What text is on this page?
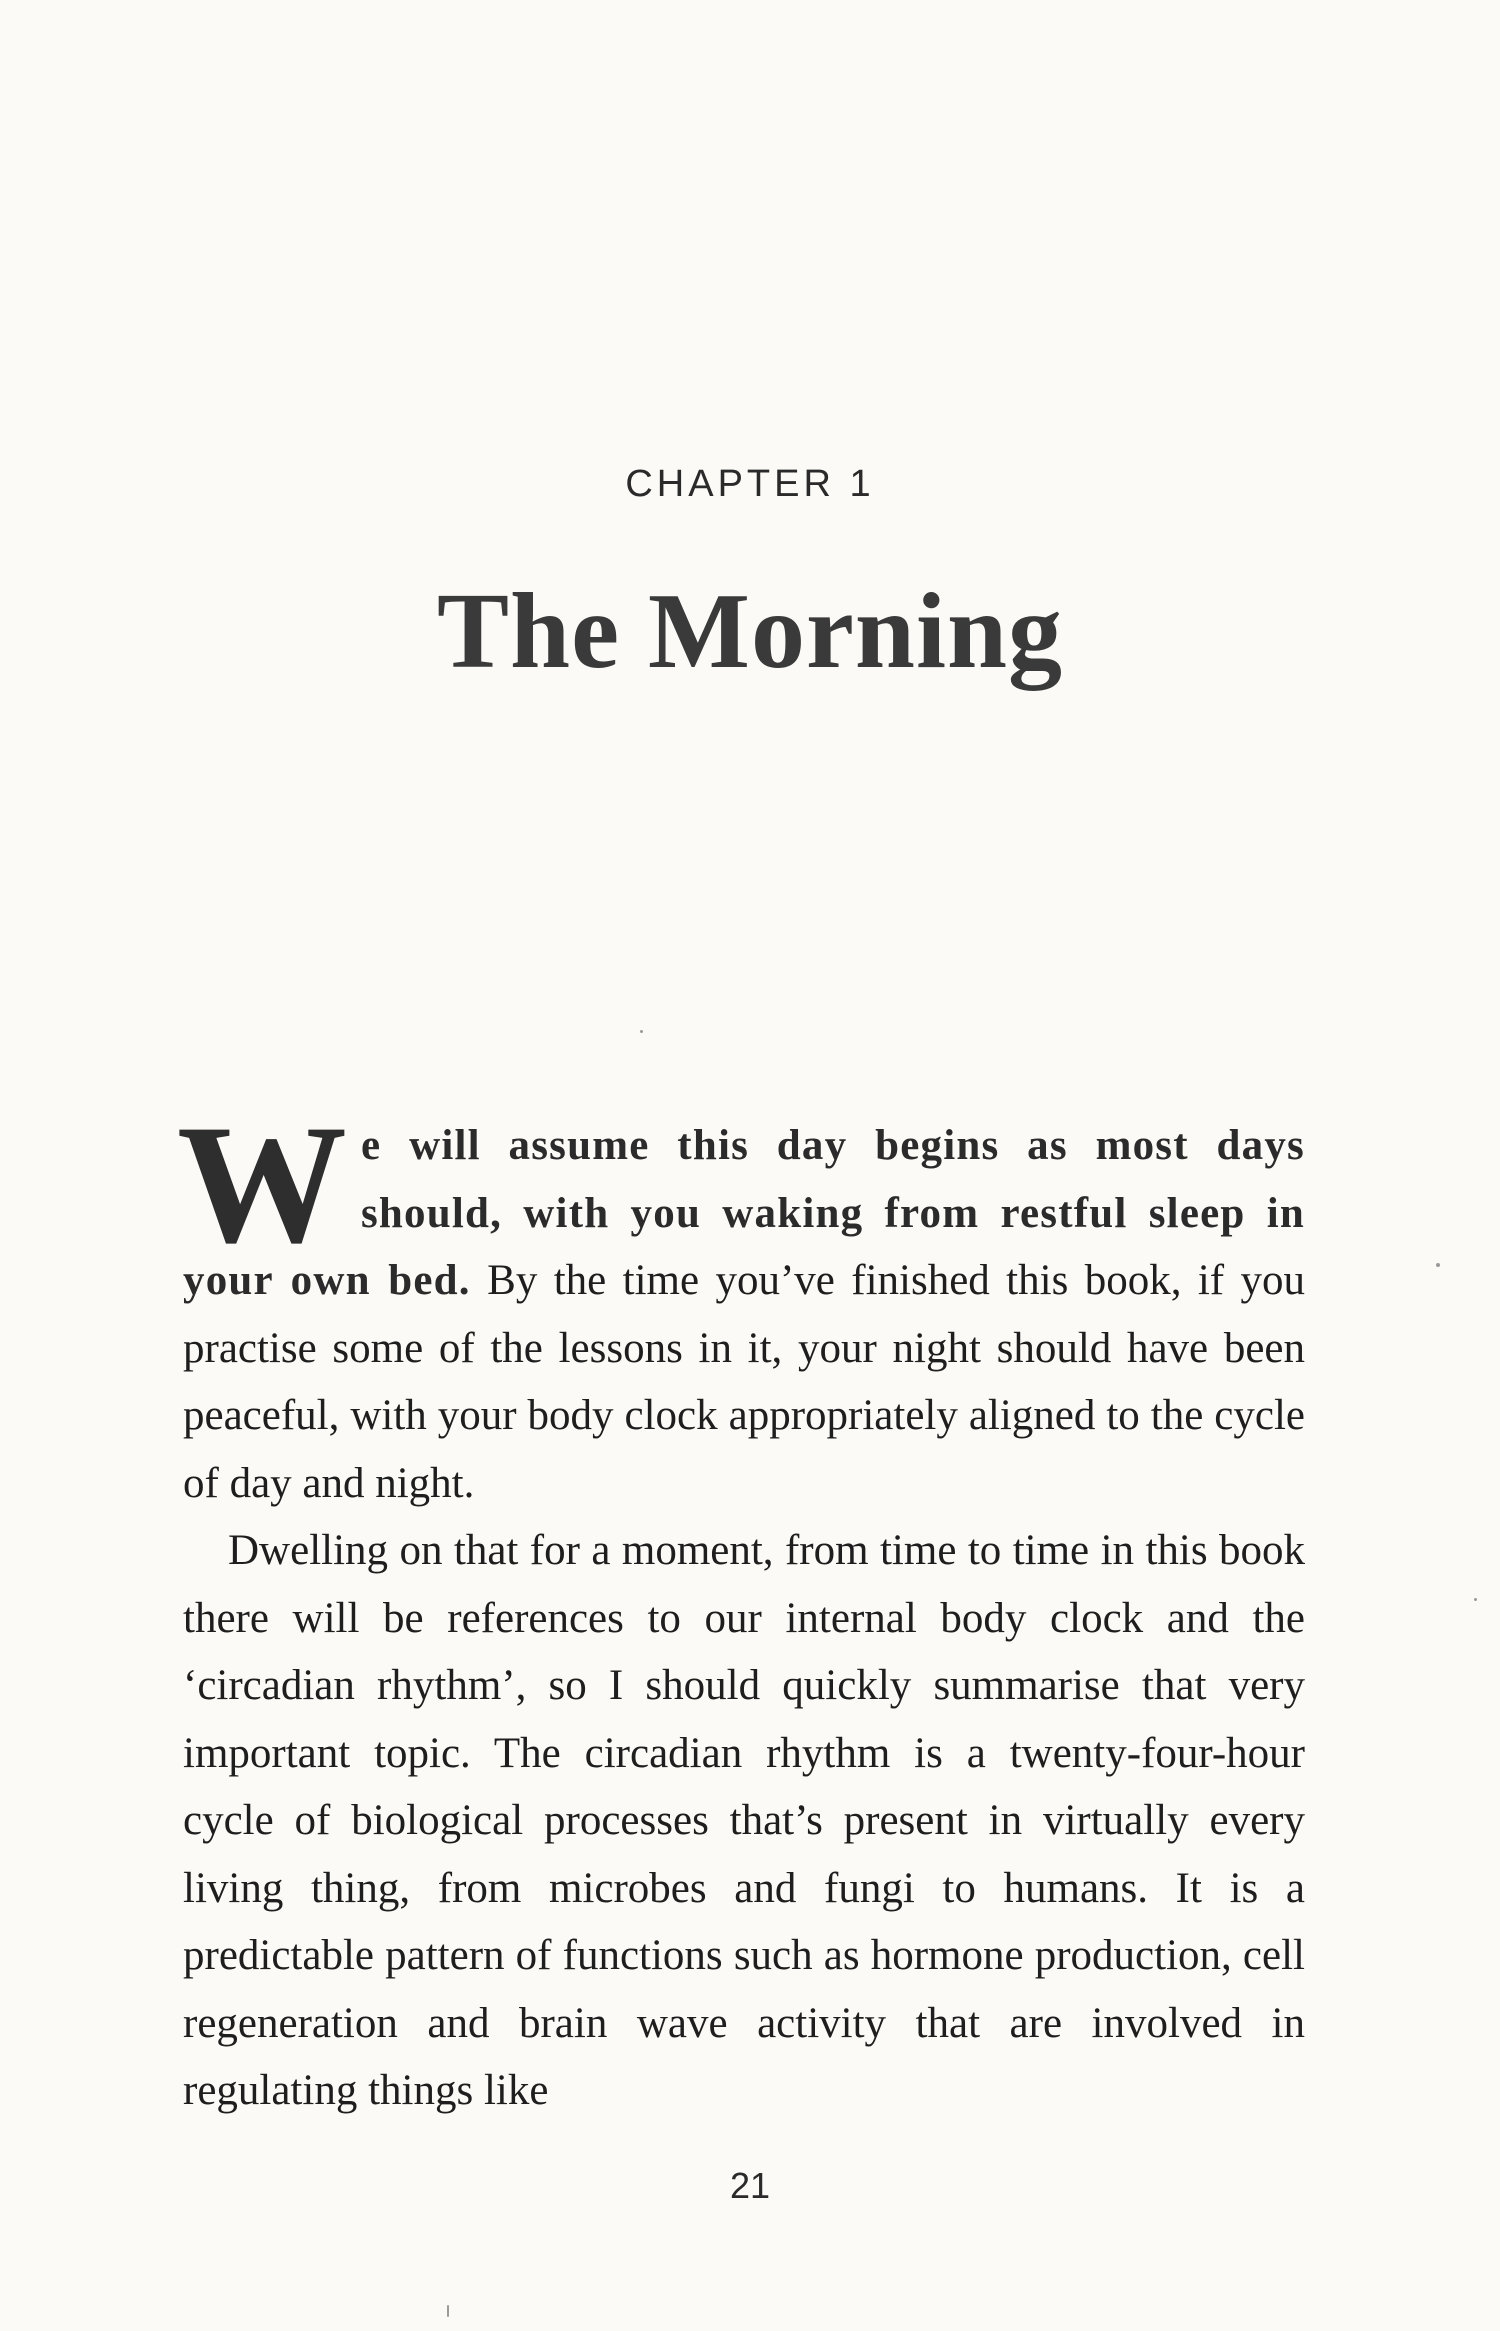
CHAPTER 1
The Morning

We will assume this day begins as most days should, with you waking from restful sleep in your own bed. By the time you’ve finished this book, if you practise some of the lessons in it, your night should have been peaceful, with your body clock appropriately aligned to the cycle of day and night.

Dwelling on that for a moment, from time to time in this book there will be references to our internal body clock and the ‘circadian rhythm’, so I should quickly summarise that very important topic. The circadian rhythm is a twenty-four-hour cycle of biological processes that’s present in virtually every living thing, from microbes and fungi to humans. It is a predictable pattern of functions such as hormone production, cell regeneration and brain wave activity that are involved in regulating things like

21
